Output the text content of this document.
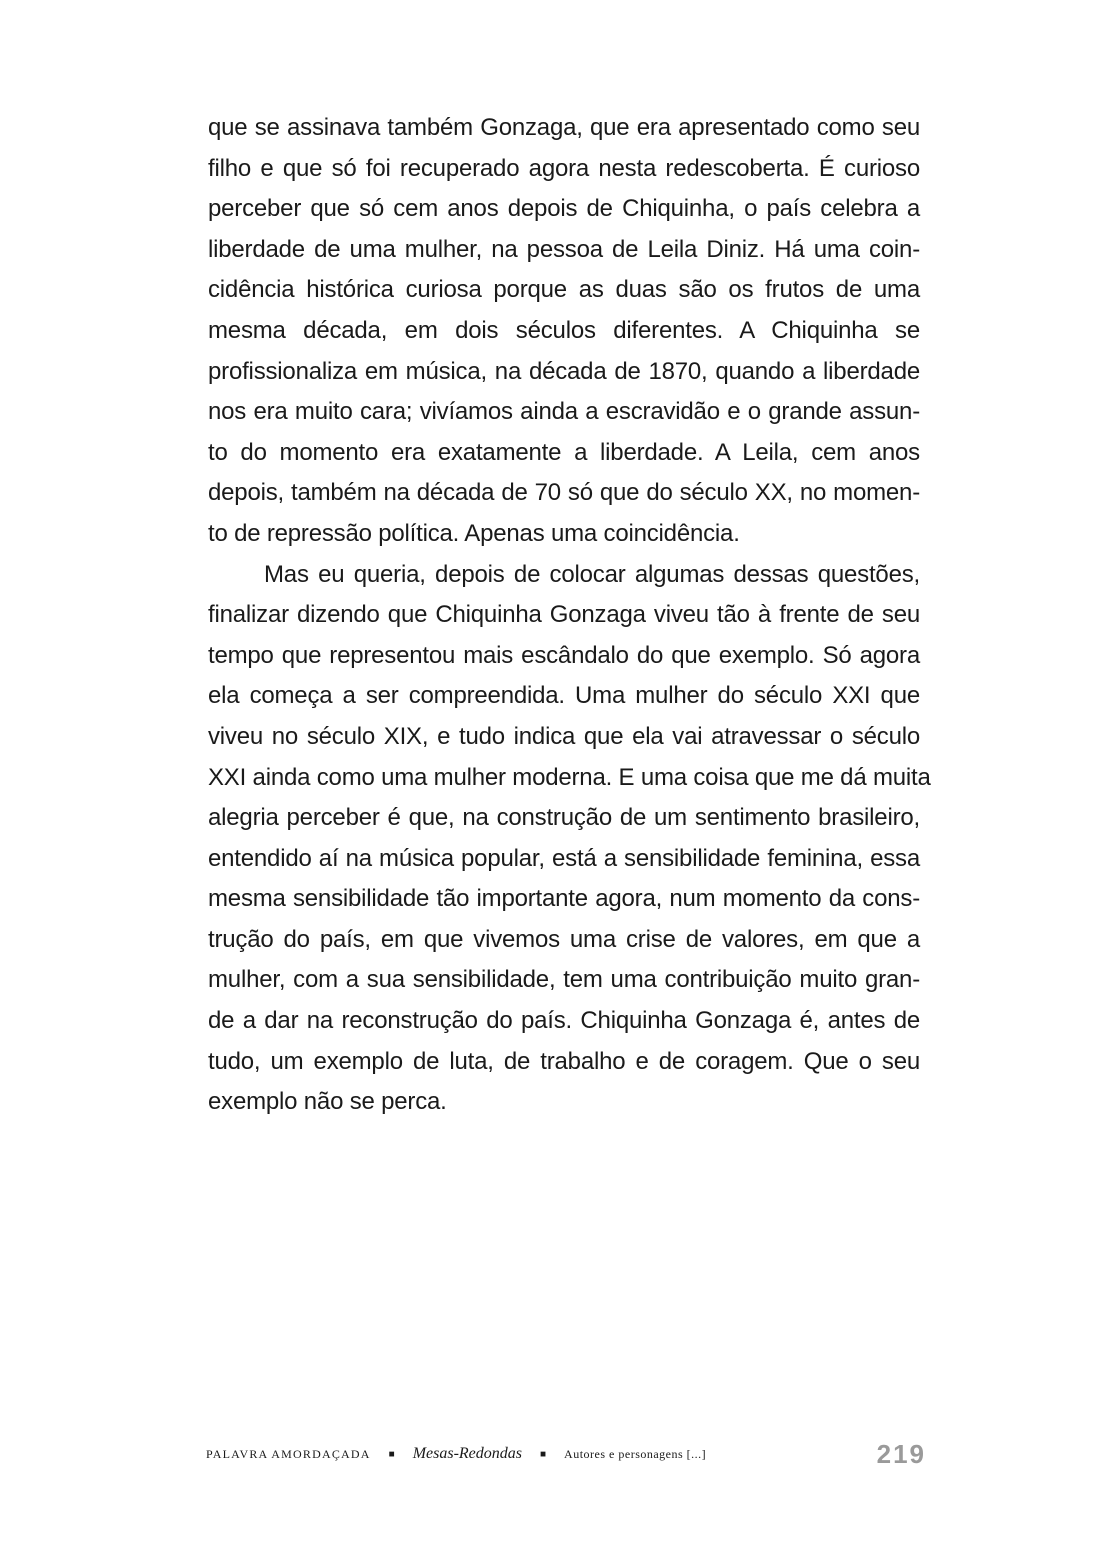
que se assinava também Gonzaga, que era apresentado como seu
filho e que só foi recuperado agora nesta redescoberta. É curioso
perceber que só cem anos depois de Chiquinha, o país celebra a
liberdade de uma mulher, na pessoa de Leila Diniz. Há uma coin-
cidência histórica curiosa porque as duas são os frutos de uma
mesma década, em dois séculos diferentes. A Chiquinha se
profissionaliza em música, na década de 1870, quando a liberdade
nos era muito cara; vivíamos ainda a escravidão e o grande assun-
to do momento era exatamente a liberdade. A Leila, cem anos
depois, também na década de 70 só que do século XX, no momen-
to de repressão política. Apenas uma coincidência.
Mas eu queria, depois de colocar algumas dessas questões,
finalizar dizendo que Chiquinha Gonzaga viveu tão à frente de seu
tempo que representou mais escândalo do que exemplo. Só agora
ela começa a ser compreendida. Uma mulher do século XXI que
viveu no século XIX, e tudo indica que ela vai atravessar o século
XXI ainda como uma mulher moderna. E uma coisa que me dá muita
alegria perceber é que, na construção de um sentimento brasileiro,
entendido aí na música popular, está a sensibilidade feminina, essa
mesma sensibilidade tão importante agora, num momento da cons-
trução do país, em que vivemos uma crise de valores, em que a
mulher, com a sua sensibilidade, tem uma contribuição muito gran-
de a dar na reconstrução do país. Chiquinha Gonzaga é, antes de
tudo, um exemplo de luta, de trabalho e de coragem. Que o seu
exemplo não se perca.
PALAVRA AMORDAÇADA ■ Mesas-Redondas ■ Autores e personagens [...]	219
